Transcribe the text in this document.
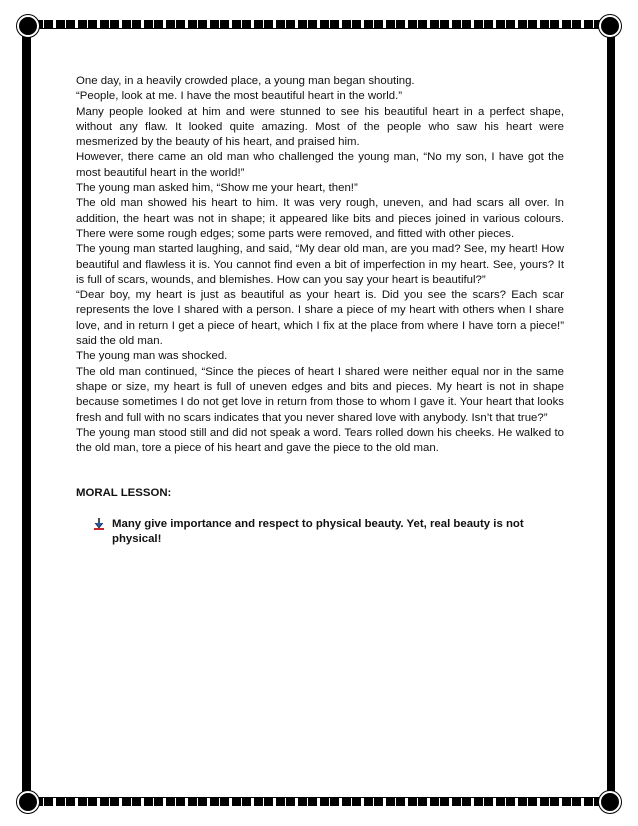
One day, in a heavily crowded place, a young man began shouting.

“People, look at me. I have the most beautiful heart in the world.”

Many people looked at him and were stunned to see his beautiful heart in a perfect shape, without any flaw. It looked quite amazing. Most of the people who saw his heart were mesmerized by the beauty of his heart, and praised him.

However, there came an old man who challenged the young man, “No my son, I have got the most beautiful heart in the world!”

The young man asked him, “Show me your heart, then!”

The old man showed his heart to him. It was very rough, uneven, and had scars all over. In addition, the heart was not in shape; it appeared like bits and pieces joined in various colours. There were some rough edges; some parts were removed, and fitted with other pieces.

The young man started laughing, and said, “My dear old man, are you mad? See, my heart! How beautiful and flawless it is. You cannot find even a bit of imperfection in my heart. See, yours? It is full of scars, wounds, and blemishes. How can you say your heart is beautiful?”

“Dear boy, my heart is just as beautiful as your heart is. Did you see the scars? Each scar represents the love I shared with a person. I share a piece of my heart with others when I share love, and in return I get a piece of heart, which I fix at the place from where I have torn a piece!” said the old man.

The young man was shocked.

The old man continued, “Since the pieces of heart I shared were neither equal nor in the same shape or size, my heart is full of uneven edges and bits and pieces. My heart is not in shape because sometimes I do not get love in return from those to whom I gave it. Your heart that looks fresh and full with no scars indicates that you never shared love with anybody. Isn’t that true?”

The young man stood still and did not speak a word. Tears rolled down his cheeks. He walked to the old man, tore a piece of his heart and gave the piece to the old man.

MORAL LESSON:

Many give importance and respect to physical beauty. Yet, real beauty is not physical!
